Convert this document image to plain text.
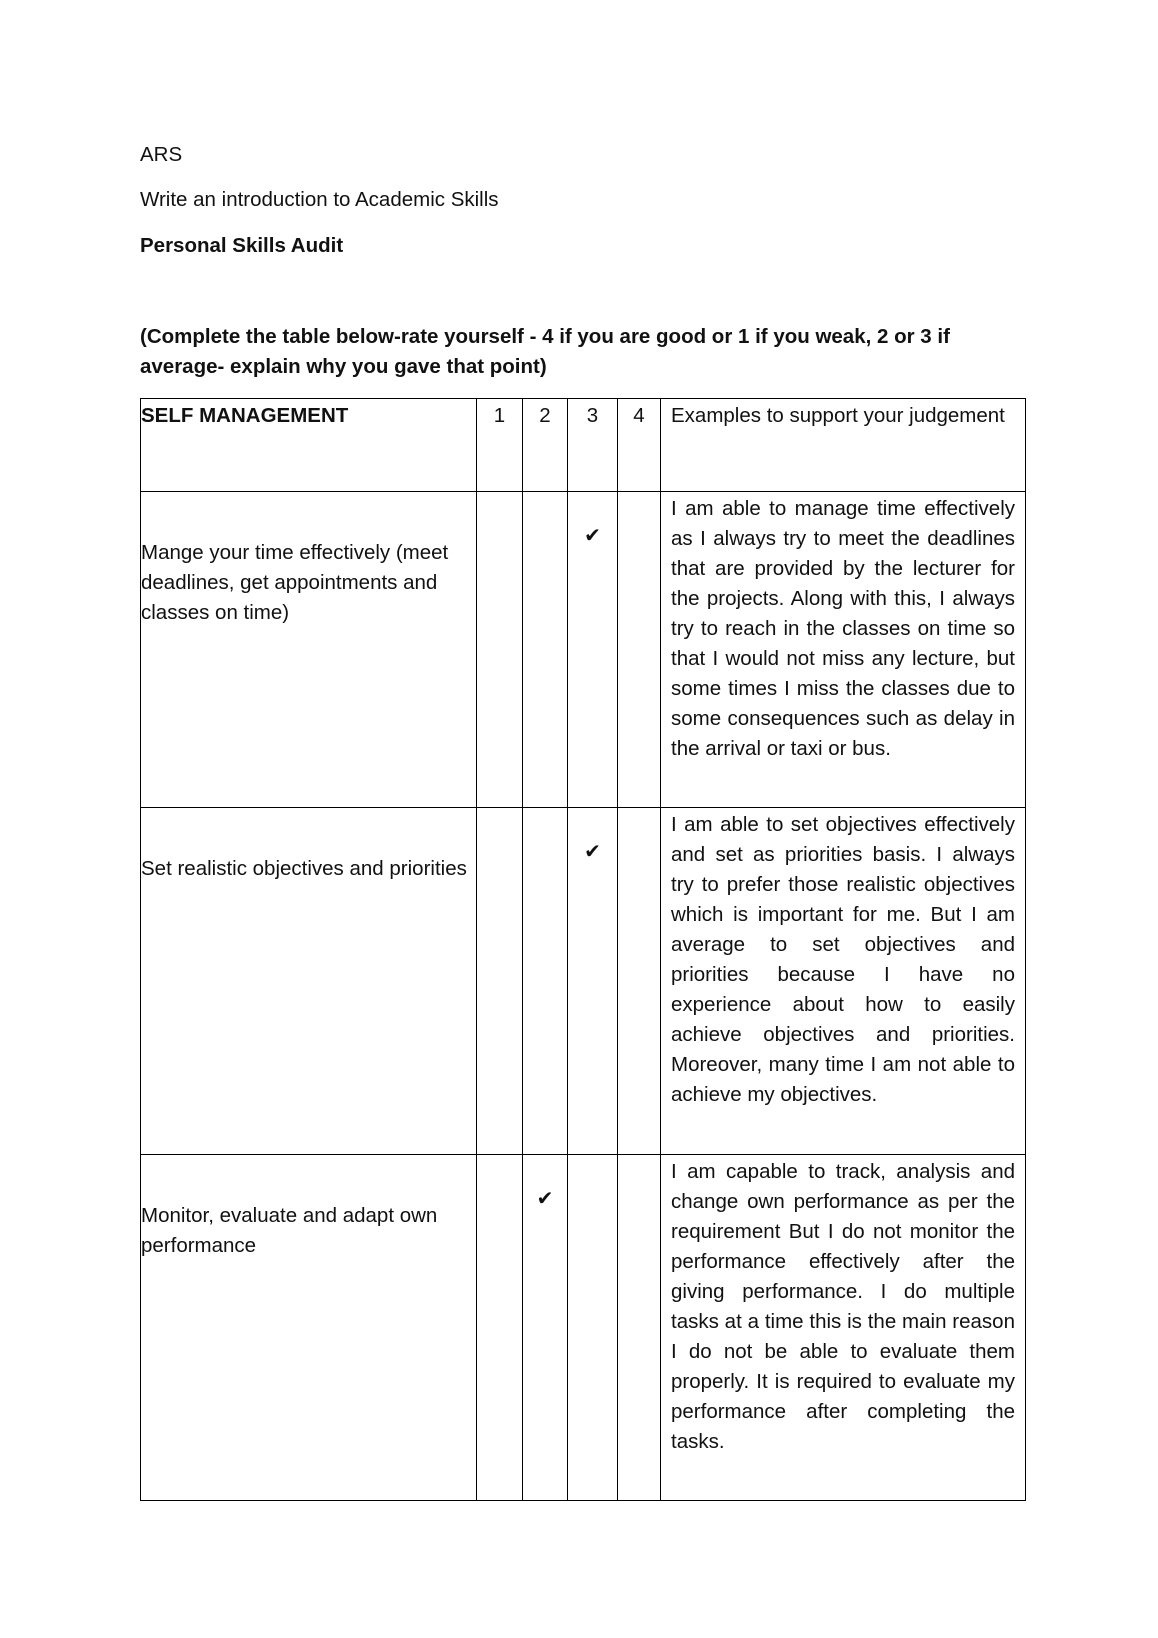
ARS
Write an introduction to Academic Skills
Personal Skills Audit
(Complete the table below-rate yourself - 4 if you are good or 1 if you weak, 2 or 3 if average- explain why you gave that point)
SELF MANAGEMENT	1	2	3	4	Examples to support your judgement

Mange your time effectively (meet deadlines, get appointments and classes on time)			✔		I am able to manage time effectively as I always try to meet the deadlines that are provided by the lecturer for the projects. Along with this, I always try to reach in the classes on time so that I would not miss any lecture, but some times I miss the classes due to some consequences such as delay in the arrival or taxi or bus.

Set realistic objectives and priorities			✔		I am able to set objectives effectively and set as priorities basis. I always try to prefer those realistic objectives which is important for me. But I am average to set objectives and priorities because I have no experience about how to easily achieve objectives and priorities. Moreover, many time I am not able to achieve my objectives.

Monitor, evaluate and adapt own performance		✔			I am capable to track, analysis and change own performance as per the requirement But I do not monitor the performance effectively after the giving performance. I do multiple tasks at a time this is the main reason I do not be able to evaluate them properly. It is required to evaluate my performance after completing the tasks.
